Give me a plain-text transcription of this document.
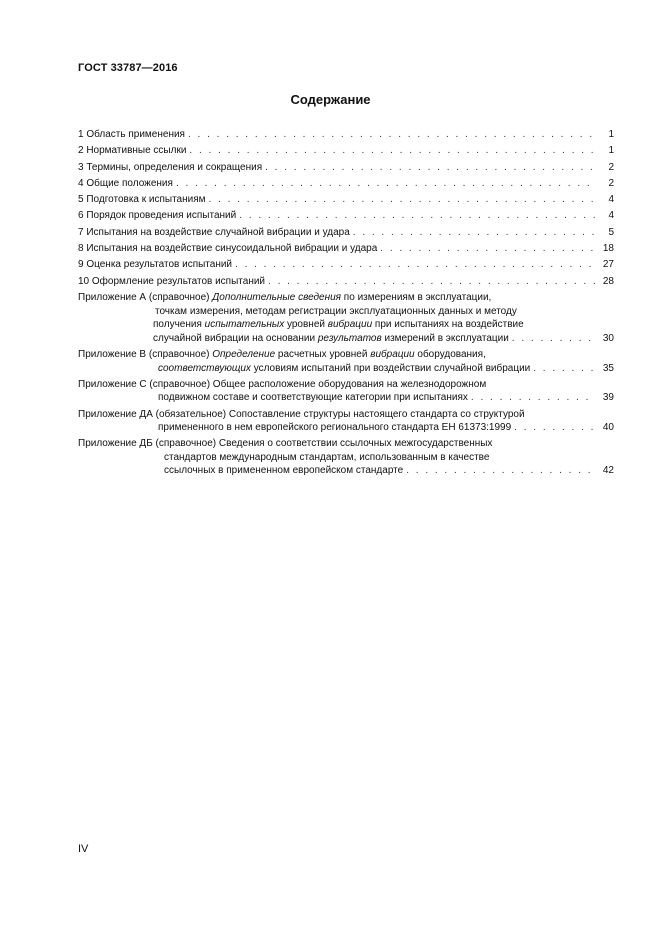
ГОСТ 33787—2016
Содержание
1 Область применения . . .	1
2 Нормативные ссылки . . .	1
3 Термины, определения и сокращения . . .	2
4 Общие положения . . .	2
5 Подготовка к испытаниям . . .	4
6 Порядок проведения испытаний . . .	4
7 Испытания на воздействие случайной вибрации и удара . . .	5
8 Испытания на воздействие синусоидальной вибрации и удара . . .	18
9 Оценка результатов испытаний . . .	27
10 Оформление результатов испытаний . . .	28
Приложение А (справочное) Дополнительные сведения по измерениям в эксплуатации,
точкам измерения, методам регистрации эксплуатационных данных и методу
получения испытательных уровней вибрации при испытаниях на воздействие
случайной вибрации на основании результатов измерений в эксплуатации . . .	30
Приложение В (справочное) Определение расчетных уровней вибрации оборудования,
соответствующих условиям испытаний при воздействии случайной вибрации . . .	35
Приложение С (справочное) Общее расположение оборудования на железнодорожном
подвижном составе и соответствующие категории при испытаниях . . .	39
Приложение ДА (обязательное) Сопоставление структуры настоящего стандарта со структурой
примененного в нем европейского регионального стандарта ЕН 61373:1999 . . .	40
Приложение ДБ (справочное) Сведения о соответствии ссылочных межгосударственных
стандартов международным стандартам, использованным в качестве
ссылочных в примененном европейском стандарте . . .	42
IV
